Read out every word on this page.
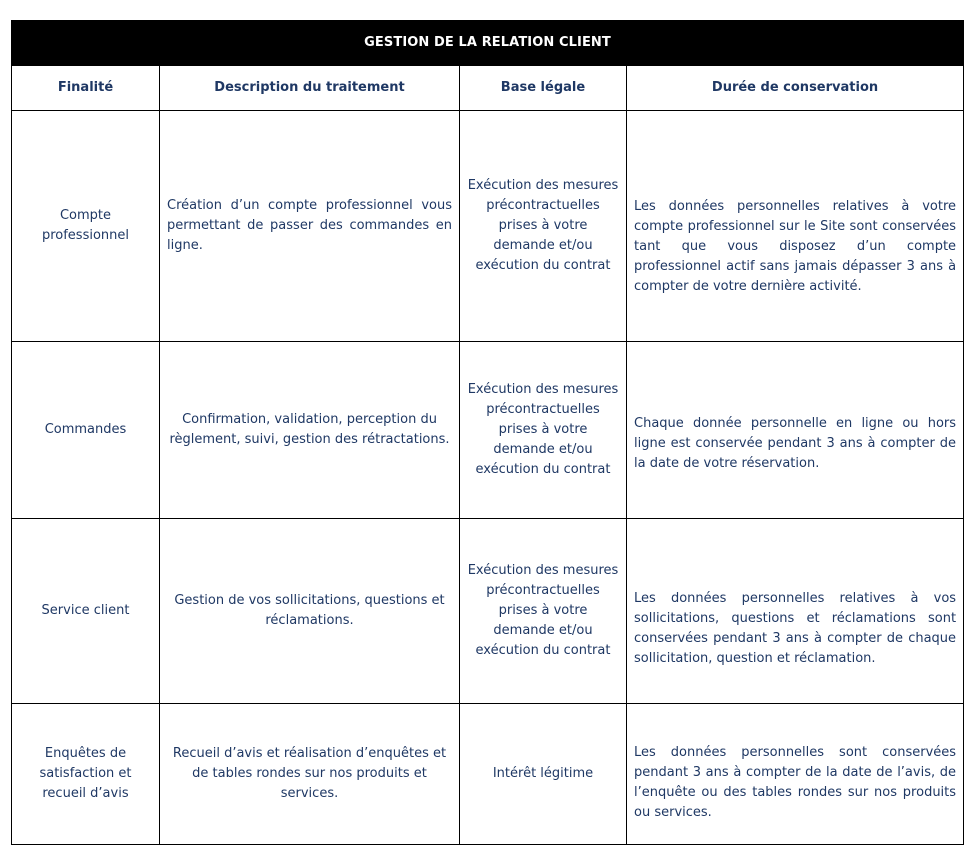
GESTION DE LA RELATION CLIENT			
Finalité	Description du traitement	Base légale	Durée de conservation
Compte professionnel	Création d’un compte professionnel vous permettant de passer des commandes en ligne.	Exécution des mesures précontractuelles prises à votre demande et/ou exécution du contrat	Les données personnelles relatives à votre compte professionnel sur le Site sont conservées tant que vous disposez d’un compte professionnel actif sans jamais dépasser 3 ans à compter de votre dernière activité.
Commandes	Confirmation, validation, perception du règlement, suivi, gestion des rétractations.	Exécution des mesures précontractuelles prises à votre demande et/ou exécution du contrat	Chaque donnée personnelle en ligne ou hors ligne est conservée pendant 3 ans à compter de la date de votre réservation.
Service client	Gestion de vos sollicitations, questions et réclamations.	Exécution des mesures précontractuelles prises à votre demande et/ou exécution du contrat	Les données personnelles relatives à vos sollicitations, questions et réclamations sont conservées pendant 3 ans à compter de chaque sollicitation, question et réclamation.
Enquêtes de satisfaction et recueil d’avis	Recueil d’avis et réalisation d’enquêtes et de tables rondes sur nos produits et services.	Intérêt légitime	Les données personnelles sont conservées pendant 3 ans à compter de la date de l’avis, de l’enquête ou des tables rondes sur nos produits ou services.
